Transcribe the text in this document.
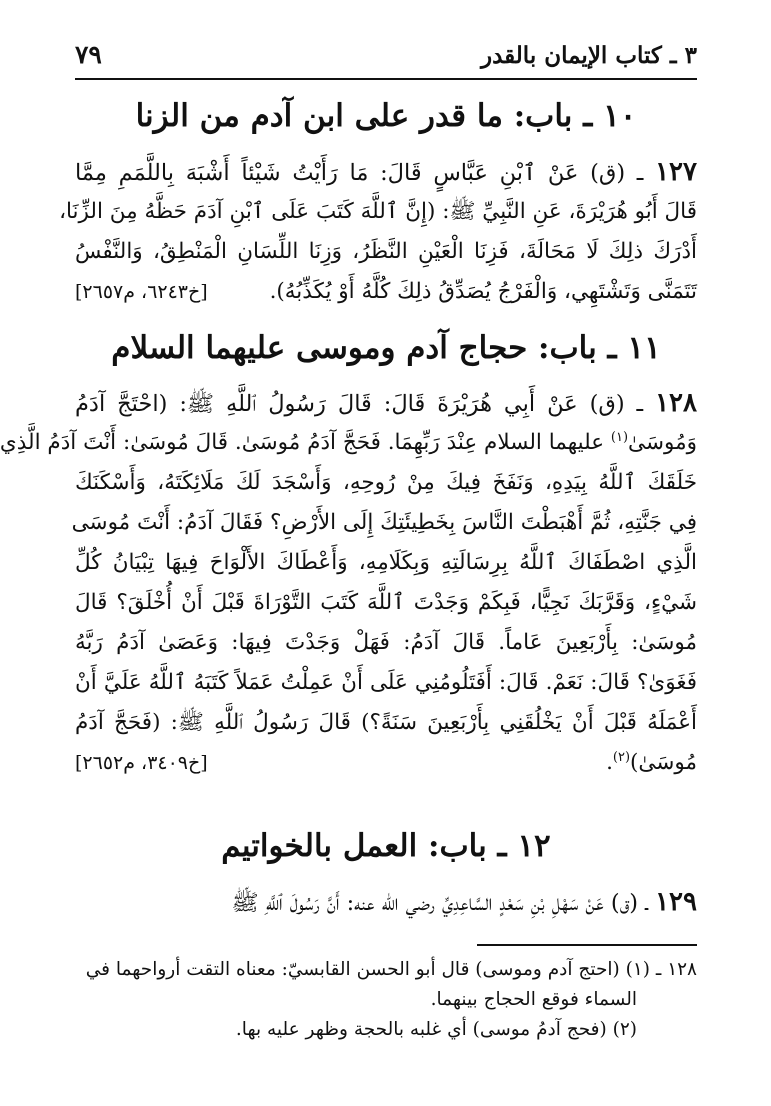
٣ ـ كتاب الإيمان بالقدر
٧٩
١٠ ـ باب: ما قدر على ابن آدم من الزنا
١٢٧ ـ (ق) عَنْ ٱبْنِ عَبَّاسٍ قَالَ: مَا رَأَيْتُ شَيْئاً أَشْبَهَ بِاللَّمَمِ مِمَّا
قَالَ أَبُو هُرَيْرَةَ، عَنِ النَّبِيِّ ﷺ: (إِنَّ ٱللَّهَ كَتَبَ عَلَى ٱبْنِ آدَمَ حَظَّهُ مِنَ الزِّنَا،
أَدْرَكَ ذلِكَ لَا مَحَالَةَ، فَزِنَا الْعَيْنِ النَّظَرُ، وَزِنَا اللِّسَانِ الْمَنْطِقُ، وَالنَّفْسُ
تَتَمَنَّى وَتَشْتَهِي، وَالْفَرْجُ يُصَدِّقُ ذلِكَ كُلَّهُ أَوْ يُكَذِّبُهُ).
[خ٦٢٤٣، م٢٦٥٧]
١١ ـ باب: حجاج آدم وموسى عليهما السلام
١٢٨ ـ (ق) عَنْ أَبِي هُرَيْرَةَ قَالَ: قَالَ رَسُولُ ٱللَّهِ ﷺ: (احْتَجَّ آدَمُ
وَمُوسَىٰ$^{(١)}$ عليهما السلام عِنْدَ رَبِّهِمَا. فَحَجَّ آدَمُ مُوسَىٰ. قَالَ مُوسَىٰ: أَنْتَ آدَمُ الَّذِي
خَلَقَكَ ٱللَّهُ بِيَدِهِ، وَنَفَخَ فِيكَ مِنْ رُوحِهِ، وَأَسْجَدَ لَكَ مَلَائِكَتَهُ، وَأَسْكَنَكَ
فِي جَنَّتِهِ، ثُمَّ أَهْبَطْتَ النَّاسَ بِخَطِيئَتِكَ إِلَى الأَرْضِ؟ فَقَالَ آدَمُ: أَنْتَ مُوسَى
الَّذِي اصْطَفَاكَ ٱللَّهُ بِرِسَالَتِهِ وَبِكَلَامِهِ، وَأَعْطَاكَ الأَلْوَاحَ فِيهَا تِبْيَانُ كُلِّ
شَيْءٍ، وَقَرَّبَكَ نَجِيًّا، فَبِكَمْ وَجَدْتَ ٱللَّهَ كَتَبَ التَّوْرَاةَ قَبْلَ أَنْ أُخْلَقَ؟ قَالَ
مُوسَىٰ: بِأَرْبَعِينَ عَاماً. قَالَ آدَمُ: فَهَلْ وَجَدْتَ فِيهَا: وَعَصَىٰ آدَمُ رَبَّهُ
فَغَوَىٰ؟ قَالَ: نَعَمْ. قَالَ: أَفَتَلُومُنِي عَلَى أَنْ عَمِلْتُ عَمَلاً كَتَبَهُ ٱللَّهُ عَلَيَّ أَنْ
أَعْمَلَهُ قَبْلَ أَنْ يَخْلُقَنِي بِأَرْبَعِينَ سَنَةً؟) قَالَ رَسُولُ ٱللَّهِ ﷺ: (فَحَجَّ آدَمُ
مُوسَىٰ)$^{(٢)}$.
[خ٣٤٠٩، م٢٦٥٢]
١٢ ـ باب: العمل بالخواتيم
١٢٩ ـ (ق) عَنْ سَهْلِ بْنِ سَعْدٍ السَّاعِدِيِّ رضي الله عنه: أَنَّ رَسُولَ ٱللَّهِ ﷺ
١٢٨ ـ (١) (احتج آدم وموسى) قال أبو الحسن القابسيّ: معناه التقت أرواحهما في
السماء فوقع الحجاج بينهما.
(٢) (فحج آدمُ موسى) أي غلبه بالحجة وظهر عليه بها.
